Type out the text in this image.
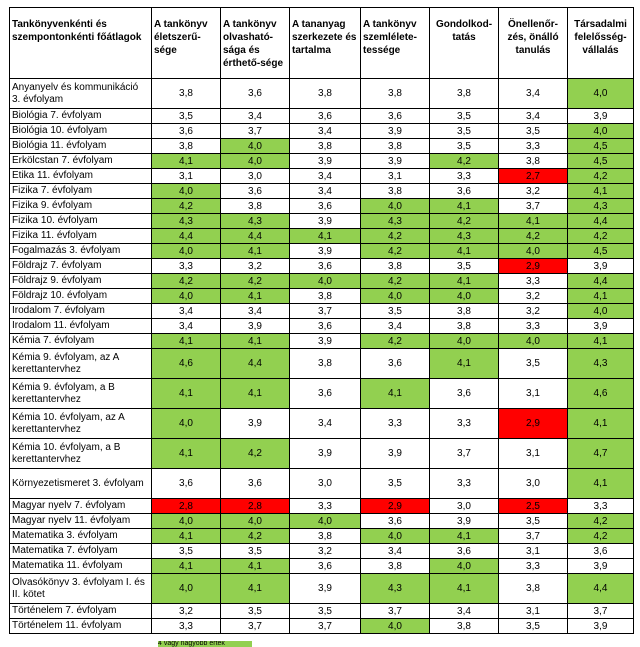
Tankönyvenkénti és szempontonkénti főátlagok	A tankönyv életszerű-sége	A tankönyv olvasható-sága és érthető-sége	A tananyag szerkezete és tartalma	A tankönyv szemlélete-tessége	Gondolkod-tatás	Önellenőr-zés, önálló tanulás	Társadalmi felelősség-vállalás
Anyanyelv és kommunikáció 3. évfolyam	3,8	3,6	3,8	3,8	3,8	3,4	4,0
Biológia 7. évfolyam	3,5	3,4	3,6	3,6	3,5	3,4	3,9
Biológia 10. évfolyam	3,6	3,7	3,4	3,9	3,5	3,5	4,0
Biológia 11. évfolyam	3,8	4,0	3,8	3,8	3,5	3,3	4,5
Erkölcstan 7. évfolyam	4,1	4,0	3,9	3,9	4,2	3,8	4,5
Etika 11. évfolyam	3,1	3,0	3,4	3,1	3,3	2,7	4,2
Fizika 7. évfolyam	4,0	3,6	3,4	3,8	3,6	3,2	4,1
Fizika 9. évfolyam	4,2	3,8	3,6	4,0	4,1	3,7	4,3
Fizika 10. évfolyam	4,3	4,3	3,9	4,3	4,2	4,1	4,4
Fizika 11. évfolyam	4,4	4,4	4,1	4,2	4,3	4,2	4,2
Fogalmazás 3. évfolyam	4,0	4,1	3,9	4,2	4,1	4,0	4,5
Földrajz 7. évfolyam	3,3	3,2	3,6	3,8	3,5	2,9	3,9
Földrajz 9. évfolyam	4,2	4,2	4,0	4,2	4,1	3,3	4,4
Földrajz 10. évfolyam	4,0	4,1	3,8	4,0	4,0	3,2	4,1
Irodalom 7. évfolyam	3,4	3,4	3,7	3,5	3,8	3,2	4,0
Irodalom 11. évfolyam	3,4	3,9	3,6	3,4	3,8	3,3	3,9
Kémia 7. évfolyam	4,1	4,1	3,9	4,2	4,0	4,0	4,1
Kémia 9. évfolyam, az A kerettantervhez	4,6	4,4	3,8	3,6	4,1	3,5	4,3
Kémia 9. évfolyam, a B kerettantervhez	4,1	4,1	3,6	4,1	3,6	3,1	4,6
Kémia 10. évfolyam, az A kerettantervhez	4,0	3,9	3,4	3,3	3,3	2,9	4,1
Kémia 10. évfolyam, a B kerettantervhez	4,1	4,2	3,9	3,9	3,7	3,1	4,7
Környezetismeret 3. évfolyam	3,6	3,6	3,0	3,5	3,3	3,0	4,1
Magyar nyelv 7. évfolyam	2,8	2,8	3,3	2,9	3,0	2,5	3,3
Magyar nyelv 11. évfolyam	4,0	4,0	4,0	3,6	3,9	3,5	4,2
Matematika 3. évfolyam	4,1	4,2	3,8	4,0	4,1	3,7	4,2
Matematika 7. évfolyam	3,5	3,5	3,2	3,4	3,6	3,1	3,6
Matematika 11. évfolyam	4,1	4,1	3,6	3,8	4,0	3,3	3,9
Olvasókönyv 3. évfolyam I. és II. kötet	4,0	4,1	3,9	4,3	4,1	3,8	4,4
Történelem 7. évfolyam	3,2	3,5	3,5	3,7	3,4	3,1	3,7
Történelem 11. évfolyam	3,3	3,7	3,7	4,0	3,8	3,5	3,9
4 vagy nagyobb érték
